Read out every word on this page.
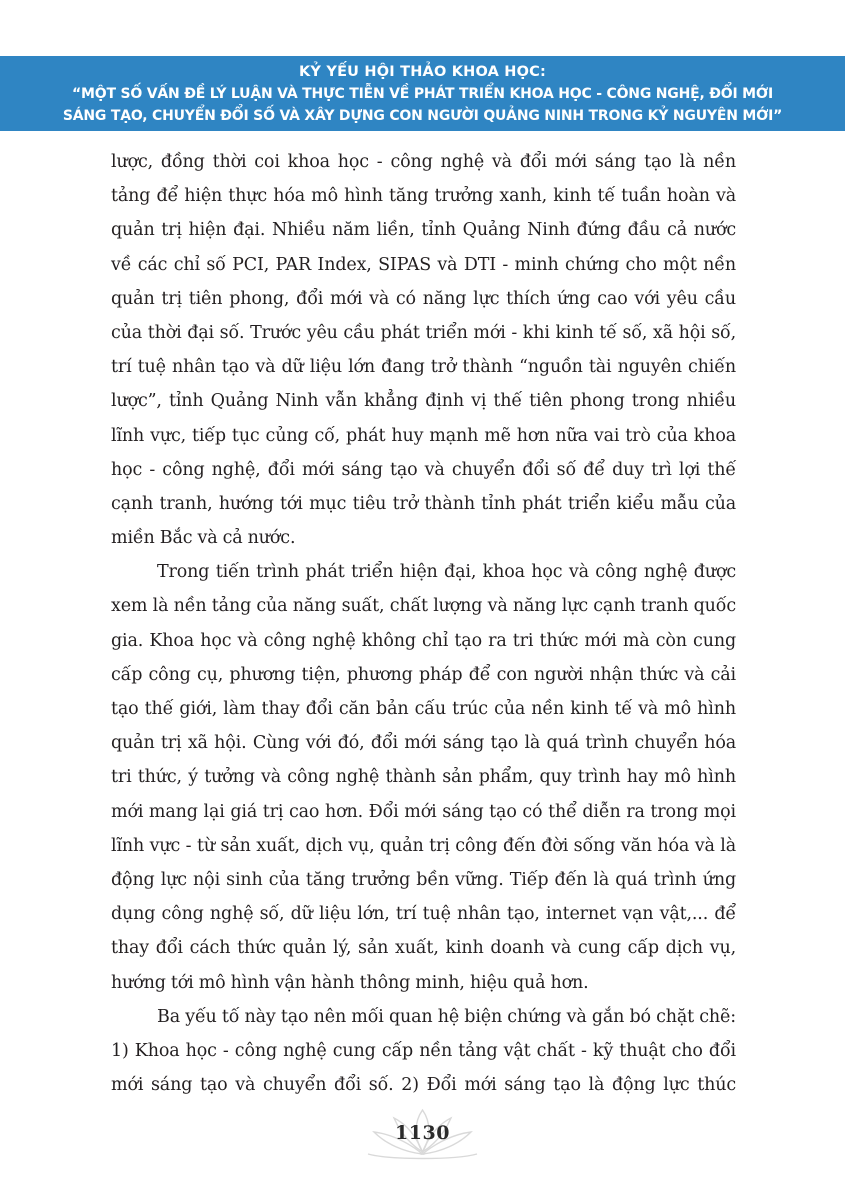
KỶ YẾU HỘI THẢO KHOA HỌC:
“MỘT SỐ VẤN ĐỀ LÝ LUẬN VÀ THỰC TIỄN VỀ PHÁT TRIỂN KHOA HỌC - CÔNG NGHỆ, ĐỔI MỚI
SÁNG TẠO, CHUYỂN ĐỔI SỐ VÀ XÂY DỰNG CON NGƯỜI QUẢNG NINH TRONG KỶ NGUYÊN MỚI”
lược, đồng thời coi khoa học - công nghệ và đổi mới sáng tạo là nền
tảng để hiện thực hóa mô hình tăng trưởng xanh, kinh tế tuần hoàn và
quản trị hiện đại. Nhiều năm liền, tỉnh Quảng Ninh đứng đầu cả nước
về các chỉ số PCI, PAR Index, SIPAS và DTI - minh chứng cho một nền
quản trị tiên phong, đổi mới và có năng lực thích ứng cao với yêu cầu
của thời đại số. Trước yêu cầu phát triển mới - khi kinh tế số, xã hội số,
trí tuệ nhân tạo và dữ liệu lớn đang trở thành “nguồn tài nguyên chiến
lược”, tỉnh Quảng Ninh vẫn khẳng định vị thế tiên phong trong nhiều
lĩnh vực, tiếp tục củng cố, phát huy mạnh mẽ hơn nữa vai trò của khoa
học - công nghệ, đổi mới sáng tạo và chuyển đổi số để duy trì lợi thế
cạnh tranh, hướng tới mục tiêu trở thành tỉnh phát triển kiểu mẫu của
miền Bắc và cả nước.
Trong tiến trình phát triển hiện đại, khoa học và công nghệ được
xem là nền tảng của năng suất, chất lượng và năng lực cạnh tranh quốc
gia. Khoa học và công nghệ không chỉ tạo ra tri thức mới mà còn cung
cấp công cụ, phương tiện, phương pháp để con người nhận thức và cải
tạo thế giới, làm thay đổi căn bản cấu trúc của nền kinh tế và mô hình
quản trị xã hội. Cùng với đó, đổi mới sáng tạo là quá trình chuyển hóa
tri thức, ý tưởng và công nghệ thành sản phẩm, quy trình hay mô hình
mới mang lại giá trị cao hơn. Đổi mới sáng tạo có thể diễn ra trong mọi
lĩnh vực - từ sản xuất, dịch vụ, quản trị công đến đời sống văn hóa và là
động lực nội sinh của tăng trưởng bền vững. Tiếp đến là quá trình ứng
dụng công nghệ số, dữ liệu lớn, trí tuệ nhân tạo, internet vạn vật,... để
thay đổi cách thức quản lý, sản xuất, kinh doanh và cung cấp dịch vụ,
hướng tới mô hình vận hành thông minh, hiệu quả hơn.
Ba yếu tố này tạo nên mối quan hệ biện chứng và gắn bó chặt chẽ:
1) Khoa học - công nghệ cung cấp nền tảng vật chất - kỹ thuật cho đổi
mới sáng tạo và chuyển đổi số. 2) Đổi mới sáng tạo là động lực thúc
1130
